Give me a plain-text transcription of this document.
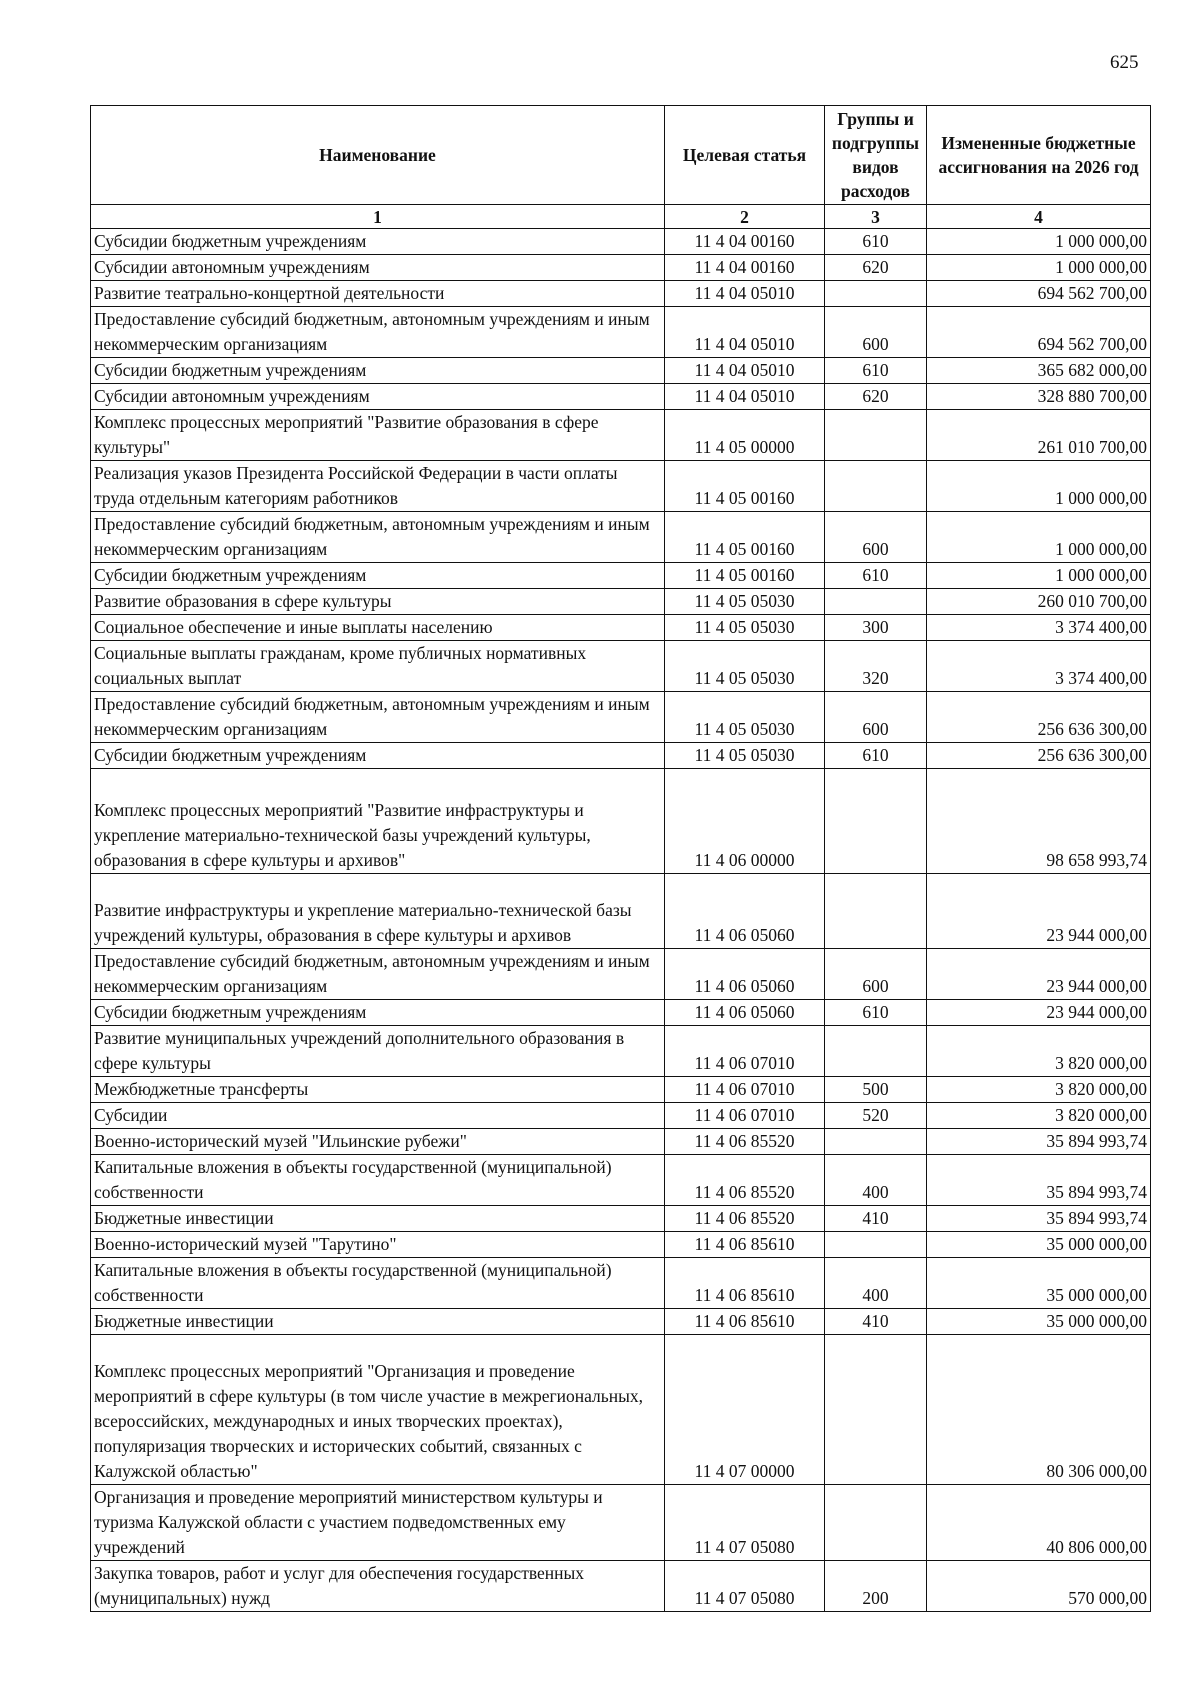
625
Наименование	Целевая статья	Группы и подгруппы видов расходов	Измененные бюджетные ассигнования на 2026 год
1	2	3	4
Субсидии бюджетным учреждениям	11 4 04 00160	610	1 000 000,00
Субсидии автономным учреждениям	11 4 04 00160	620	1 000 000,00
Развитие театрально-концертной деятельности	11 4 04 05010		694 562 700,00
Предоставление субсидий бюджетным, автономным учреждениям и иным некоммерческим организациям	11 4 04 05010	600	694 562 700,00
Субсидии бюджетным учреждениям	11 4 04 05010	610	365 682 000,00
Субсидии автономным учреждениям	11 4 04 05010	620	328 880 700,00
Комплекс процессных мероприятий "Развитие образования в сфере культуры"	11 4 05 00000		261 010 700,00
Реализация указов Президента Российской Федерации в части оплаты труда отдельным категориям работников	11 4 05 00160		1 000 000,00
Предоставление субсидий бюджетным, автономным учреждениям и иным некоммерческим организациям	11 4 05 00160	600	1 000 000,00
Субсидии бюджетным учреждениям	11 4 05 00160	610	1 000 000,00
Развитие образования в сфере культуры	11 4 05 05030		260 010 700,00
Социальное обеспечение и иные выплаты населению	11 4 05 05030	300	3 374 400,00
Социальные выплаты гражданам, кроме публичных нормативных социальных выплат	11 4 05 05030	320	3 374 400,00
Предоставление субсидий бюджетным, автономным учреждениям и иным некоммерческим организациям	11 4 05 05030	600	256 636 300,00
Субсидии бюджетным учреждениям	11 4 05 05030	610	256 636 300,00
Комплекс процессных мероприятий "Развитие инфраструктуры и укрепление материально-технической базы учреждений культуры, образования в сфере культуры и архивов"	11 4 06 00000		98 658 993,74
Развитие инфраструктуры и укрепление материально-технической базы учреждений культуры, образования в сфере культуры и архивов	11 4 06 05060		23 944 000,00
Предоставление субсидий бюджетным, автономным учреждениям и иным некоммерческим организациям	11 4 06 05060	600	23 944 000,00
Субсидии бюджетным учреждениям	11 4 06 05060	610	23 944 000,00
Развитие муниципальных учреждений дополнительного образования в сфере культуры	11 4 06 07010		3 820 000,00
Межбюджетные трансферты	11 4 06 07010	500	3 820 000,00
Субсидии	11 4 06 07010	520	3 820 000,00
Военно-исторический музей "Ильинские рубежи"	11 4 06 85520		35 894 993,74
Капитальные вложения в объекты государственной (муниципальной) собственности	11 4 06 85520	400	35 894 993,74
Бюджетные инвестиции	11 4 06 85520	410	35 894 993,74
Военно-исторический музей "Тарутино"	11 4 06 85610		35 000 000,00
Капитальные вложения в объекты государственной (муниципальной) собственности	11 4 06 85610	400	35 000 000,00
Бюджетные инвестиции	11 4 06 85610	410	35 000 000,00
Комплекс процессных мероприятий "Организация и проведение мероприятий в сфере культуры (в том числе участие в межрегиональных, всероссийских, международных и иных творческих проектах), популяризация творческих и исторических событий, связанных с Калужской областью"	11 4 07 00000		80 306 000,00
Организация и проведение мероприятий министерством культуры и туризма Калужской области с участием подведомственных ему учреждений	11 4 07 05080		40 806 000,00
Закупка товаров, работ и услуг для обеспечения государственных (муниципальных) нужд	11 4 07 05080	200	570 000,00
